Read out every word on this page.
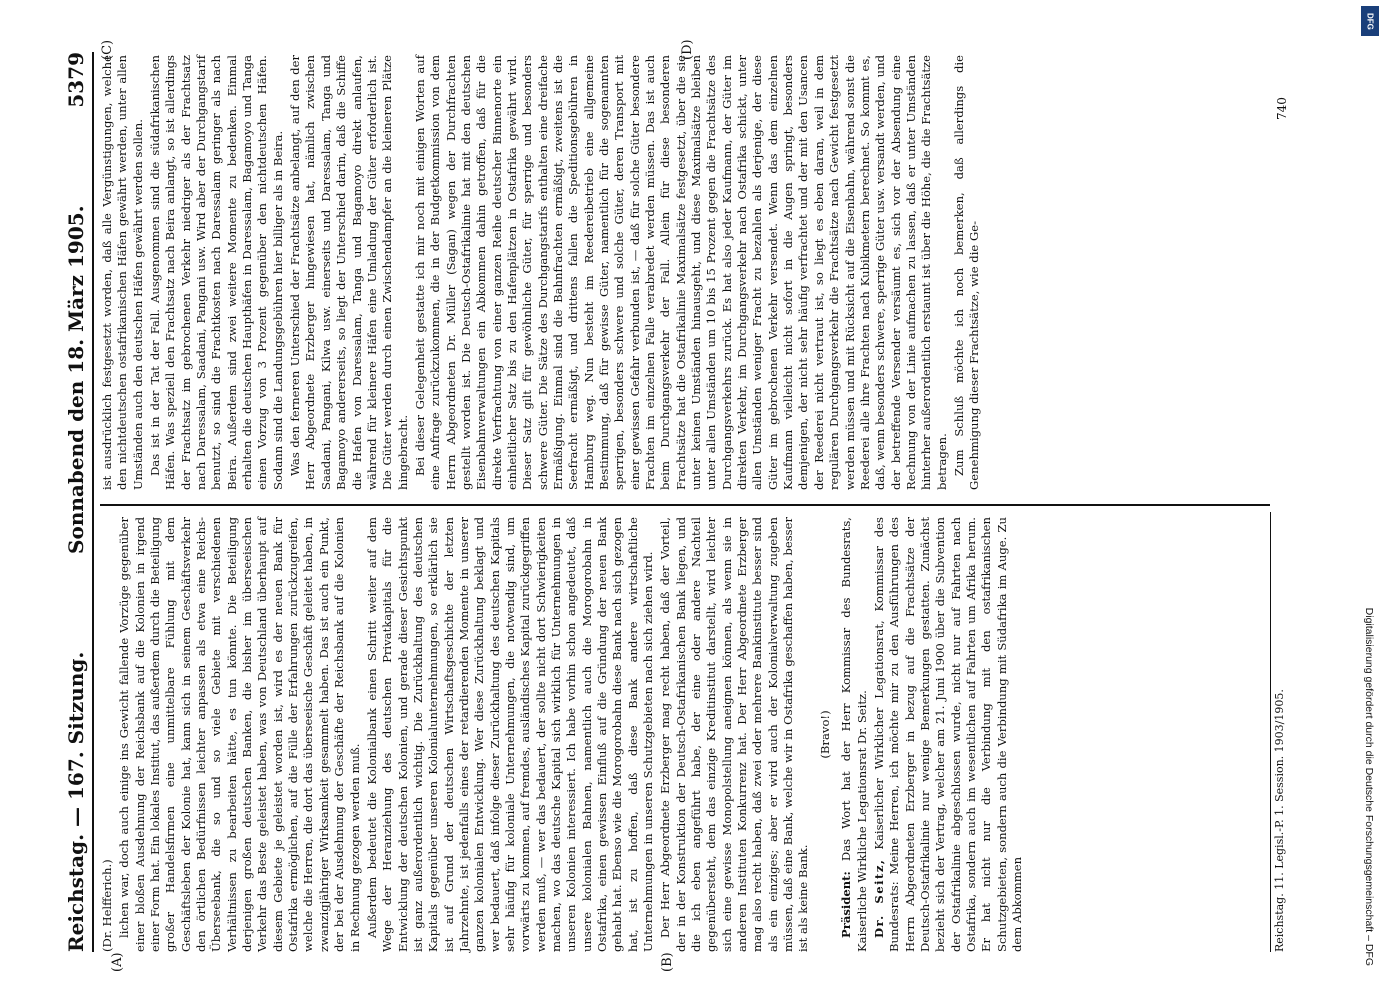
Reichstag. — 167. Sitzung.
Sonnabend den 18. März 1905.
5379
(A)	(B)
(C)	(D)

(Dr. Helfferich.) lichen war, doch auch einige ins Gewicht fallende Vorzüge gegenüber einer bloßen Ausdehnung der Reichsbank auf die Kolonien in irgend einer Form hat. Ein lokales Institut, das außerdem durch die Beteiligung großer Handelsfirmen eine unmittelbare Fühlung mit dem Geschäftsleben der Kolonie hat, kann sich in seinem Geschäftsverkehr den örtlichen Bedürfnissen leichter anpassen als etwa eine Reichs-Überseebank, die so und so viele Gebiete mit verschiedenen Verhältnissen zu bearbeiten hätte, es tun könnte. Die Beteiligung derjenigen großen deutschen Banken, die bisher im überseeischen Verkehr das Beste geleistet haben, was von Deutschland überhaupt auf diesem Gebiete je geleistet worden ist, wird es der neuen Bank für Ostafrika ermöglichen, auf die Fülle der Erfahrungen zurückzugreifen, welche die Herren, die dort das überseeische Geschäft geleitet haben, in zwanzigjähriger Wirksamkeit gesammelt haben. Das ist auch ein Punkt, der bei der Ausdehnung der Geschäfte der Reichsbank auf die Kolonien in Rechnung gezogen werden muß. Außerdem bedeutet die Kolonialbank einen Schritt weiter auf dem Wege der Heranziehung des deutschen Privatkapitals für die Entwicklung der deutschen Kolonien, und gerade dieser Gesichtspunkt ist ganz außerordentlich wichtig. Die Zurückhaltung des deutschen Kapitals gegenüber unseren Kolonialunternehmungen, so erklärlich sie ist auf Grund der deutschen Wirtschaftsgeschichte der letzten Jahrzehnte, ist jedenfalls eines der retardierenden Momente in unserer ganzen kolonialen Entwicklung. Wer diese Zurückhaltung beklagt und wer bedauert, daß infolge dieser Zurückhaltung des deutschen Kapitals sehr häufig für koloniale Unternehmungen, die notwendig sind, um vorwärts zu kommen, auf fremdes, ausländisches Kapital zurückgegriffen werden muß, — wer das bedauert, der sollte nicht dort Schwierigkeiten machen, wo das deutsche Kapital sich wirklich für Unternehmungen in unseren Kolonien interessiert. Ich habe vorhin schon angedeutet, daß unsere kolonialen Bahnen, namentlich auch die Morogorobahn in Ostafrika, einen gewissen Einfluß auf die Gründung der neuen Bank gehabt hat. Ebenso wie die Morogorobahn diese Bank nach sich gezogen hat, ist zu hoffen, daß diese Bank andere wirtschaftliche Unternehmungen in unseren Schutzgebieten nach sich ziehen wird. Der Herr Abgeordnete Erzberger mag recht haben, daß der Vorteil, der in der Konstruktion der Deutsch-Ostafrikanischen Bank liegen, und die ich eben angeführt habe, der eine oder andere Nachteil gegenübersteht, dem das einzige Kreditinstitut darstellt, wird leichter sich eine gewisse Monopolstellung aneignen können, als wenn sie in anderen Instituten Konkurrenz hat. Der Herr Abgeordnete Erzberger mag also recht haben, daß zwei oder mehrere Bankinstitute besser sind als ein einziges; aber er wird auch der Kolonialverwaltung zugeben müssen, daß eine Bank, welche wir in Ostafrika geschaffen haben, besser ist als keine Bank.

(Bravo!)

Präsident: Das Wort hat der Herr Kommissar des Bundesrats, Kaiserliche Wirkliche Legationsrat Dr. Seitz. Dr. Seitz, Kaiserlicher Wirklicher Legationsrat, Kommissar des Bundesrats: Meine Herren, ich möchte mir zu den Ausführungen des Herrn Abgeordneten Erzberger in bezug auf die Frachtsätze der Deutsch-Ostafrikalinie nur wenige Bemerkungen gestatten. Zunächst bezieht sich der Vertrag, welcher am 21. Juni 1900 über die Subvention der Ostafrikalinie abgeschlossen wurde, nicht nur auf Fahrten nach Ostafrika, sondern auch im wesentlichen auf Fahrten um Afrika herum. Er hat nicht nur die Verbindung mit den ostafrikanischen Schutzgebieten, sondern auch die Verbindung mit Südafrika im Auge. Zu dem Abkommen

ist ausdrücklich festgesetzt worden, daß alle Vergünstigungen, welche den nichtdeutschen ostafrikanischen Häfen gewährt werden, unter allen Umständen auch den deutschen Häfen gewährt werden sollen. Das ist in der Tat der Fall. Ausgenommen sind die südafrikanischen Häfen. Was speziell den Frachtsatz nach Beira anlangt, so ist allerdings der Frachtsatz im gebrochenen Verkehr niedriger als der Frachtsatz nach Daressalam, Saadani, Pangani usw. Wird aber der Durchgangstarif benutzt, so sind die Frachtkosten nach Daressalam geringer als nach Beira. Außerdem sind zwei weitere Momente zu bedenken. Einmal erhalten die deutschen Haupthäfen in Daressalam, Bagamoyo und Tanga einen Vorzug von 3 Prozent gegenüber den nichtdeutschen Häfen. Sodann sind die Landungsgebühren hier billiger als in Beira. Was den ferneren Unterschied der Frachtsätze anbelangt, auf den der Herr Abgeordnete Erzberger hingewiesen hat, nämlich zwischen Saadani, Pangani, Kilwa usw. einerseits und Daressalam, Tanga und Bagamoyo andererseits, so liegt der Unterschied darin, daß die Schiffe die Hafen von Daressalam, Tanga und Bagamoyo direkt anlaufen, während für kleinere Häfen eine Umladung der Güter erforderlich ist. Die Güter werden durch einen Zwischendampfer an die kleineren Plätze hingebracht. Bei dieser Gelegenheit gestatte ich mir noch mit einigen Worten auf eine Anfrage zurückzukommen, die in der Budgetkommission von dem Herrn Abgeordneten Dr. Müller (Sagan) wegen der Durchfrachten gestellt worden ist. Die Deutsch-Ostafrikalinie hat mit den deutschen Eisenbahnverwaltungen ein Abkommen dahin getroffen, daß für die direkte Verfrachtung von einer ganzen Reihe deutscher Binnenorte ein einheitlicher Satz bis zu den Hafenplätzen in Ostafrika gewährt wird. Dieser Satz gilt für gewöhnliche Güter, für sperrige und besonders schwere Güter. Die Sätze des Durchgangstarifs enthalten eine dreifache Ermäßigung. Einmal sind die Bahnfrachten ermäßigt, zweitens ist die Seefracht ermäßigt, und drittens fallen die Speditionsgebühren in Hamburg weg. Nun besteht im Reedereibetrieb eine allgemeine Bestimmung, daß für gewisse Güter, namentlich für die sogenannten sperrigen, besonders schwere und solche Güter, deren Transport mit einer gewissen Gefahr verbunden ist, — daß für solche Güter besondere Frachten im einzelnen Falle verabredet werden müssen. Das ist auch beim Durchgangsverkehr der Fall. Allein für diese besonderen Frachtsätze hat die Ostafrikalinie Maximalsätze festgesetzt, über die sie unter keinen Umständen hinausgeht, und diese Maximalsätze bleiben unter allen Umständen um 10 bis 15 Prozent gegen die Frachtsätze des Durchgangsverkehrs zurück. Es hat also jeder Kaufmann, der Güter im direkten Verkehr, im Durchgangsverkehr nach Ostafrika schickt, unter allen Umständen weniger Fracht zu bezahlen als derjenige, der diese Güter im gebrochenen Verkehr versendet. Wenn das dem einzelnen Kaufmann vielleicht nicht sofort in die Augen springt, besonders demjenigen, der nicht sehr häufig verfrachtet und der mit den Usancen der Reederei nicht vertraut ist, so liegt es eben daran, weil in dem regulären Durchgangsverkehr die Frachtsätze nach Gewicht festgesetzt werden müssen und mit Rücksicht auf die Eisenbahn, während sonst die Reederei alle ihre Frachten nach Kubikmetern berechnet. So kommt es, daß, wenn besonders schwere, sperrige Güter usw. versandt werden, und der betreffende Versender versäumt es, sich vor der Absendung eine Rechnung von der Linie aufmachen zu lassen, daß er unter Umständen hinterher außerordentlich erstaunt ist über die Höhe, die die Frachtsätze betragen. Zum Schluß möchte ich noch bemerken, daß allerdings die Genehmigung dieser Frachtsätze, wie die Ge-

Reichstag. 11. Legisl.-P. 1. Session. 1903/1905.
740
DFG
Digitalisierung gefördert durch die Deutsche Forschungsgemeinschaft – DFG
